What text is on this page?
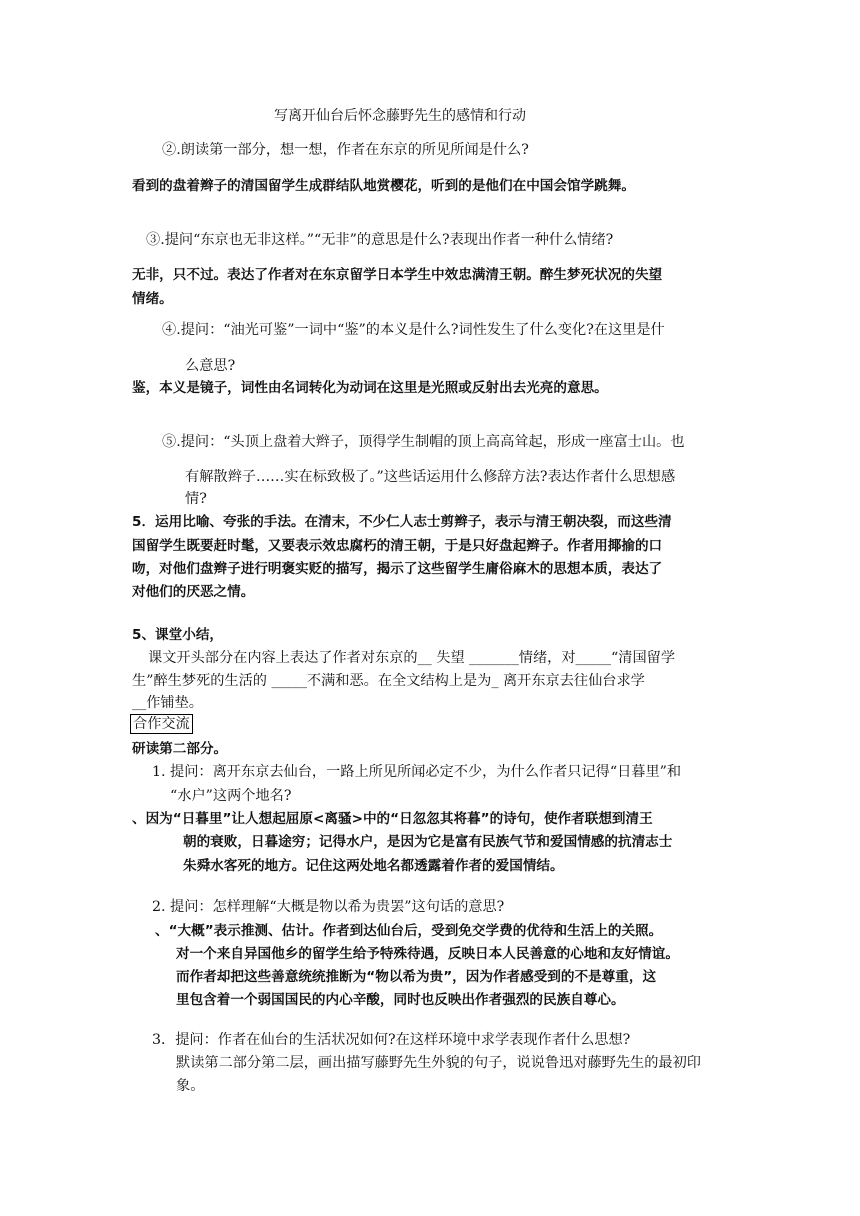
写离开仙台后怀念藤野先生的感情和行动
②.朗读第一部分，想一想，作者在东京的所见所闻是什么?
看到的盘着辫子的清国留学生成群结队地赏樱花，听到的是他们在中国会馆学跳舞。
③.提问“东京也无非这样。”“无非”的意思是什么?表现出作者一种什么情绪?
无非，只不过。表达了作者对在东京留学日本学生中效忠满清王朝。醉生梦死状况的失望
情绪。
④.提问：“油光可鉴”一词中“鉴”的本义是什么?词性发生了什么变化?在这里是什
么意思?
鉴，本义是镜子，词性由名词转化为动词在这里是光照或反射出去光亮的意思。
⑤.提问：“头顶上盘着大辫子，顶得学生制帽的顶上高高耸起，形成一座富士山。也
有解散辫子……实在标致极了。”这些话运用什么修辞方法?表达作者什么思想感
情?
5．运用比喻、夸张的手法。在清末，不少仁人志士剪辫子，表示与清王朝决裂，而这些清
国留学生既要赶时髦，又要表示效忠腐朽的清王朝，于是只好盘起辫子。作者用揶揄的口
吻，对他们盘辫子进行明褒实贬的描写，揭示了这些留学生庸俗麻木的思想本质，表达了
对他们的厌恶之情。
5、课堂小结，
课文开头部分在内容上表达了作者对东京的__ 失望 _______情绪，对_____“清国留学
生”醉生梦死的生活的 _____不满和恶。在全文结构上是为_ 离开东京去往仙台求学
__作铺垫。
合作交流
研读第二部分。
1. 提问：离开东京去仙台，一路上所见所闻必定不少，为什么作者只记得“日暮里”和
“水户”这两个地名?
、因为“日暮里”让人想起屈原<离骚>中的“日忽忽其将暮”的诗句，使作者联想到清王
朝的衰败，日暮途穷；记得水户，是因为它是富有民族气节和爱国情感的抗清志士
朱舜水客死的地方。记住这两处地名都透露着作者的爱国情结。
2. 提问：怎样理解“大概是物以希为贵罢”这句话的意思?
、“大概”表示推测、估计。作者到达仙台后，受到免交学费的优待和生活上的关照。
对一个来自异国他乡的留学生给予特殊待遇，反映日本人民善意的心地和友好情谊。
而作者却把这些善意统统推断为“物以希为贵”，因为作者感受到的不是尊重，这
里包含着一个弱国国民的内心辛酸，同时也反映出作者强烈的民族自尊心。
3．提问：作者在仙台的生活状况如何?在这样环境中求学表现作者什么思想?
默读第二部分第二层，画出描写藤野先生外貌的句子，说说鲁迅对藤野先生的最初印
象。
